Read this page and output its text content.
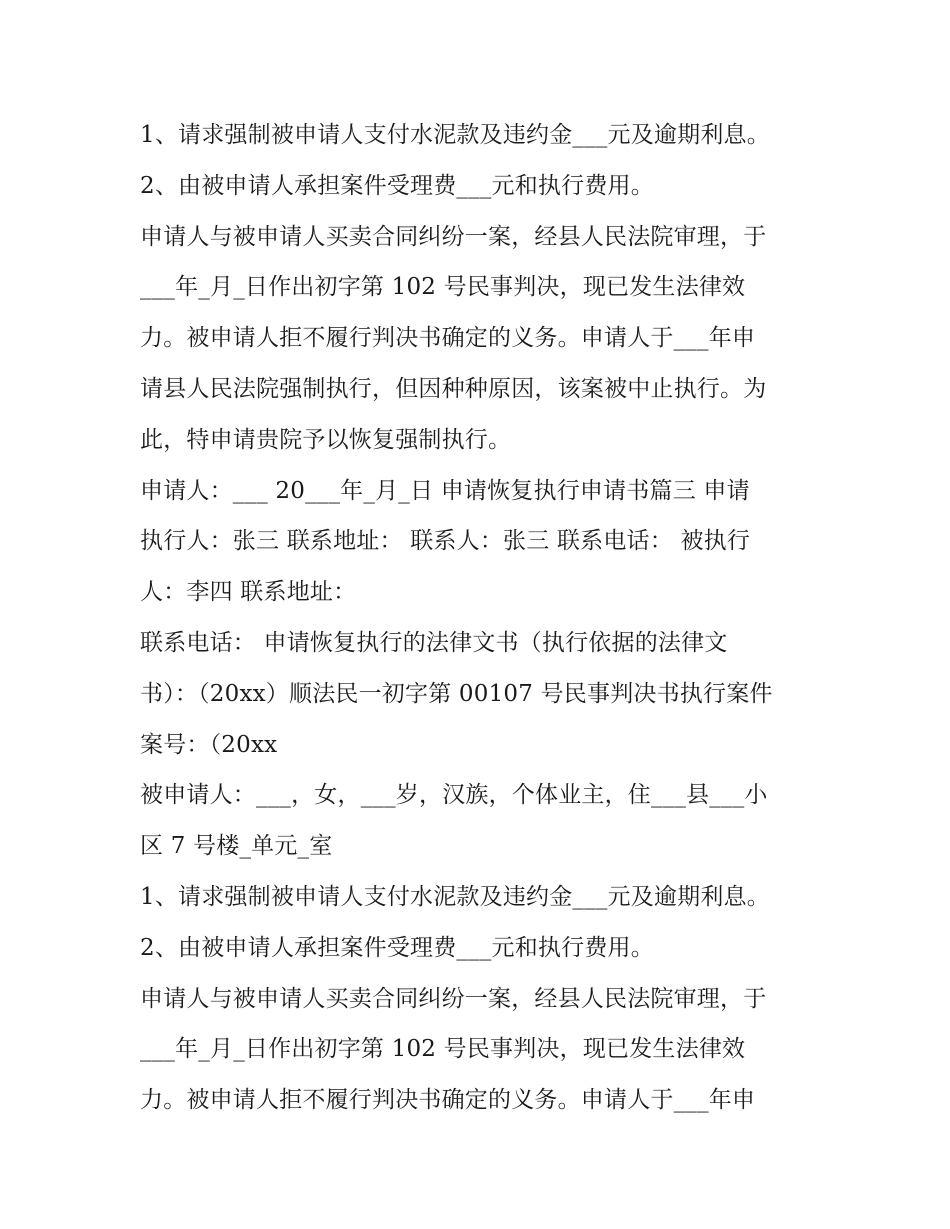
1、请求强制被申请人支付水泥款及违约金___元及逾期利息。
2、由被申请人承担案件受理费___元和执行费用。
申请人与被申请人买卖合同纠纷一案，经县人民法院审理，于
___年_月_日作出初字第 102 号民事判决，现已发生法律效
力。被申请人拒不履行判决书确定的义务。申请人于___年申
请县人民法院强制执行，但因种种原因，该案被中止执行。为
此，特申请贵院予以恢复强制执行。
申请人：___ 20___年_月_日 申请恢复执行申请书篇三 申请
执行人：张三 联系地址： 联系人：张三 联系电话： 被执行
人：李四 联系地址：
联系电话： 申请恢复执行的法律文书（执行依据的法律文
书）：（20xx）顺法民一初字第 00107 号民事判决书执行案件
案号：（20xx
被申请人：___，女，___岁，汉族，个体业主，住___县___小
区 7 号楼_单元_室
1、请求强制被申请人支付水泥款及违约金___元及逾期利息。
2、由被申请人承担案件受理费___元和执行费用。
申请人与被申请人买卖合同纠纷一案，经县人民法院审理，于
___年_月_日作出初字第 102 号民事判决，现已发生法律效
力。被申请人拒不履行判决书确定的义务。申请人于___年申
